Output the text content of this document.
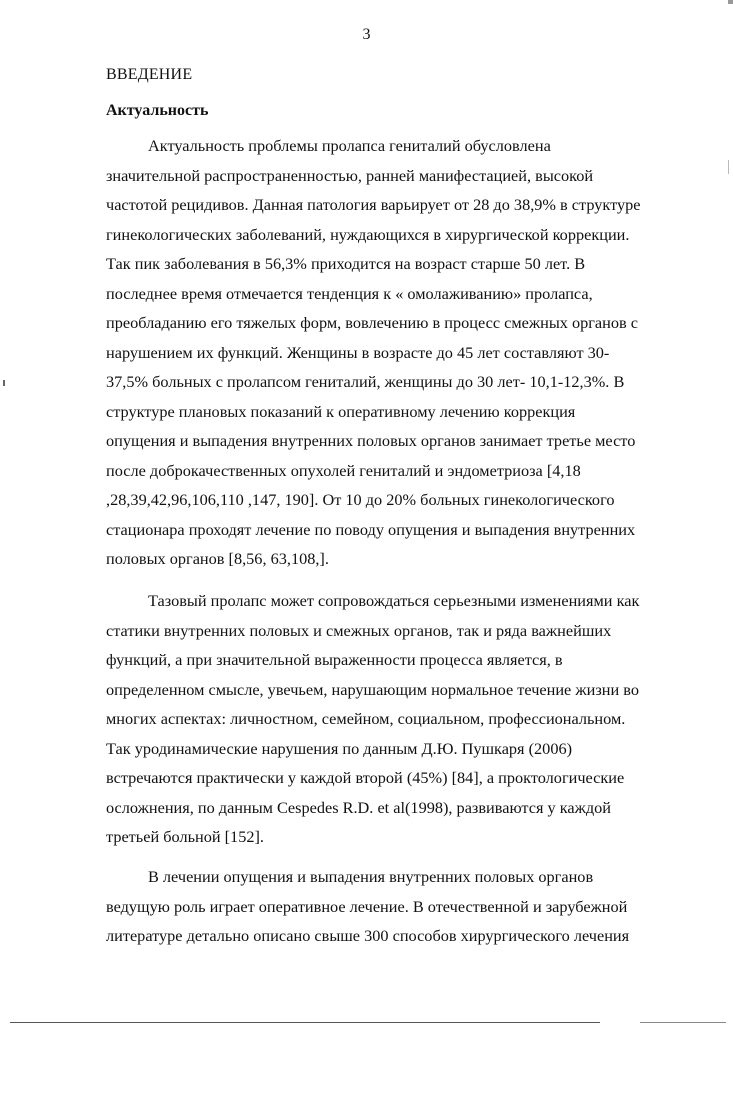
3
ВВЕДЕНИЕ
Актуальность
Актуальность проблемы пролапса гениталий обусловлена
значительной распространенностью, ранней манифестацией, высокой
частотой рецидивов. Данная патология варьирует от 28 до 38,9% в структуре
гинекологических заболеваний, нуждающихся в хирургической коррекции.
Так пик заболевания в 56,3% приходится на возраст старше 50 лет. В
последнее время отмечается тенденция к « омолаживанию» пролапса,
преобладанию его тяжелых форм, вовлечению в процесс смежных органов с
нарушением их функций. Женщины в возрасте до 45 лет составляют 30-
37,5% больных с пролапсом гениталий, женщины до 30 лет- 10,1-12,3%. В
структуре плановых показаний к оперативному лечению коррекция
опущения и выпадения внутренних половых органов занимает третье место
после доброкачественных опухолей гениталий и эндометриоза [4,18
,28,39,42,96,106,110 ,147, 190]. От 10 до 20% больных гинекологического
стационара проходят лечение по поводу опущения и выпадения внутренних
половых органов [8,56, 63,108,].
Тазовый пролапс может сопровождаться серьезными изменениями как
статики внутренних половых и смежных органов, так и ряда важнейших
функций, а при значительной выраженности процесса является, в
определенном смысле, увечьем, нарушающим нормальное течение жизни во
многих аспектах: личностном, семейном, социальном, профессиональном.
Так уродинамические нарушения по данным Д.Ю. Пушкаря (2006)
встречаются практически у каждой второй (45%) [84], а проктологические
осложнения, по данным Cespedes R.D. et al(1998), развиваются у каждой
третьей больной [152].
В лечении опущения и выпадения внутренних половых органов
ведущую роль играет оперативное лечение. В отечественной и зарубежной
литературе детально описано свыше 300 способов хирургического лечения
